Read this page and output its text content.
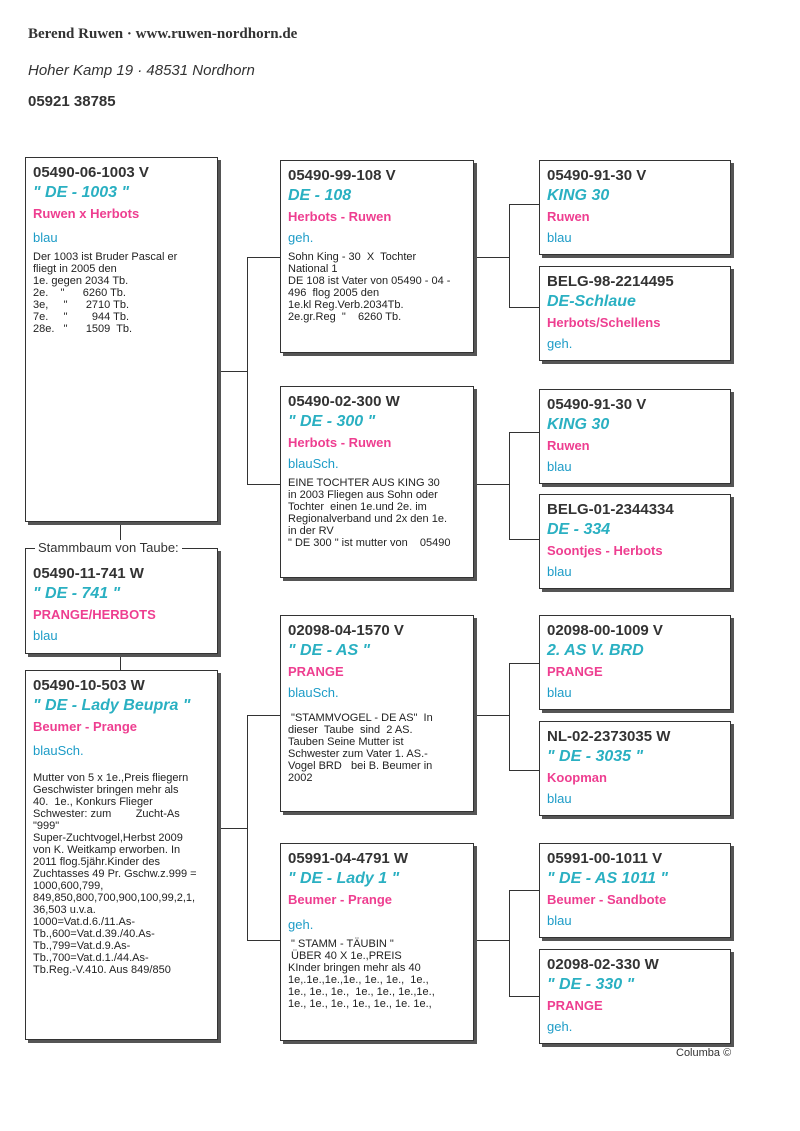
Berend Ruwen · www.ruwen-nordhorn.de
Hoher Kamp 19 · 48531 Nordhorn
05921 38785
05490-06-1003 V
" DE - 1003 "
Ruwen x Herbots
blau
Der 1003 ist Bruder Pascal er
fliegt in 2005 den
1e. gegen 2034 Tb.
2e.    "      6260 Tb.
3e,     "      2710 Tb.
7e.     "        944 Tb.
28e.   "      1509  Tb.
05490-11-741 W
" DE - 741 "
PRANGE/HERBOTS
blau
Stammbaum von Taube:
05490-10-503 W
" DE - Lady Beupra "
Beumer - Prange
blauSch.
Mutter von 5 x 1e.,Preis fliegern
Geschwister bringen mehr als
40.  1e., Konkurs Flieger
Schwester: zum        Zucht-As
"999"
Super-Zuchtvogel,Herbst 2009
von K. Weitkamp erworben. In
2011 flog.5jähr.Kinder des
Zuchtasses 49 Pr. Gschw.z.999 =
1000,600,799,
849,850,800,700,900,100,99,2,1,
36,503 u.v.a.
1000=Vat.d.6./11.As-
Tb.,600=Vat.d.39./40.As-
Tb.,799=Vat.d.9.As-
Tb.,700=Vat.d.1./44.As-
Tb.Reg.-V.410. Aus 849/850
05490-99-108 V
DE - 108
Herbots - Ruwen
geh.
Sohn King - 30  X  Tochter
National 1
DE 108 ist Vater von 05490 - 04 -
496  flog 2005 den
1e.kl Reg.Verb.2034Tb.
2e.gr.Reg  "    6260 Tb.
05490-02-300 W
" DE - 300 "
Herbots - Ruwen
blauSch.
EINE TOCHTER AUS KING 30
in 2003 Fliegen aus Sohn oder
Tochter  einen 1e.und 2e. im
Regionalverband und 2x den 1e.
in der RV
" DE 300 " ist mutter von    05490
02098-04-1570 V
" DE - AS "
PRANGE
blauSch.
"STAMMVOGEL - DE AS"  In
dieser  Taube  sind  2 AS.
Tauben Seine Mutter ist
Schwester zum Vater 1. AS.-
Vogel BRD   bei B. Beumer in
2002
05991-04-4791 W
" DE - Lady 1 "
Beumer - Prange
geh.
" STAMM - TÄUBIN "
ÜBER 40 X 1e.,PREIS
KInder bringen mehr als 40
1e,.1e.,1e.,1e., 1e., 1e.,  1e.,
1e., 1e., 1e.,  1e., 1e., 1e.,1e.,
1e., 1e., 1e., 1e., 1e., 1e. 1e.,
05490-91-30 V
KING 30
Ruwen
blau
BELG-98-2214495
DE-Schlaue
Herbots/Schellens
geh.
05490-91-30 V
KING 30
Ruwen
blau
BELG-01-2344334
DE - 334
Soontjes - Herbots
blau
02098-00-1009 V
2. AS V. BRD
PRANGE
blau
NL-02-2373035 W
" DE - 3035 "
Koopman
blau
05991-00-1011 V
" DE - AS 1011 "
Beumer - Sandbote
blau
02098-02-330 W
" DE - 330 "
PRANGE
geh.
Columba ©
